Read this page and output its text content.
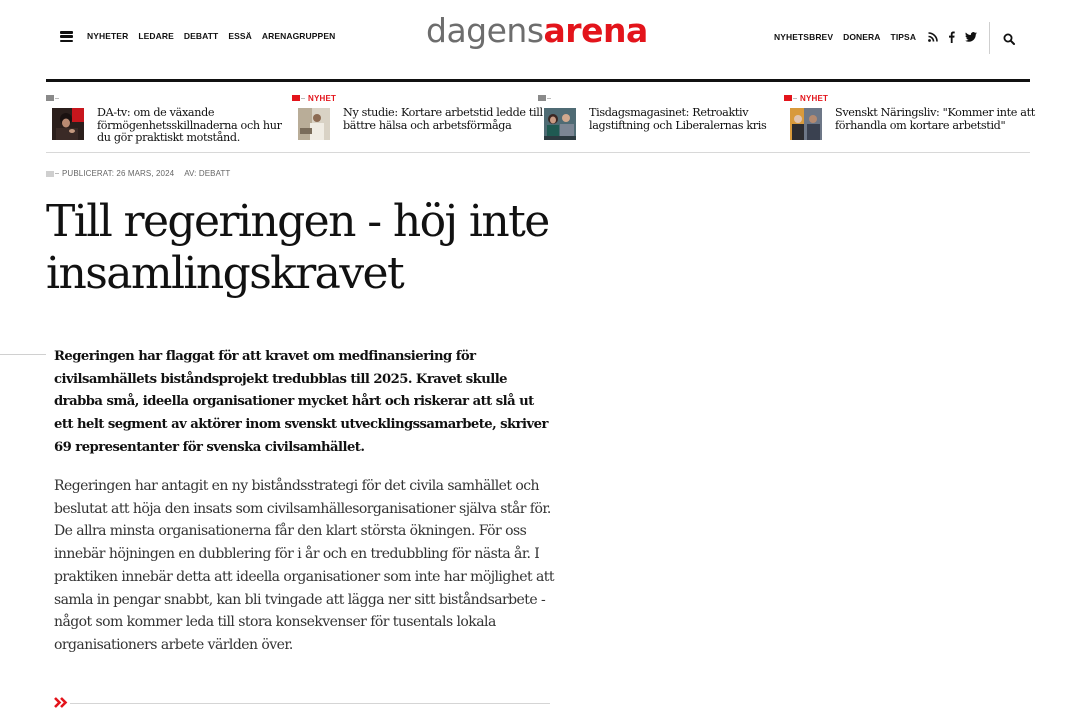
NYHETER LEDARE DEBATT ESSÄ ARENAGRUPPEN	dagensarena	NYHETSBREV DONERA TIPSA
DA-tv: om de växande förmögenhetsskillnaderna och hur du gör praktiskt motstånd.
NYHET
Ny studie: Kortare arbetstid ledde till bättre hälsa och arbetsförmåga
Tisdagsmagasinet: Retroaktiv lagstiftning och Liberalernas kris
NYHET
Svenskt Näringsliv: "Kommer inte att förhandla om kortare arbetstid"
PUBLICERAT: 26 MARS, 2024 AV: DEBATT
Till regeringen - höj inte insamlingskravet

Regeringen har flaggat för att kravet om medfinansiering för civilsamhällets biståndsprojekt tredubblas till 2025. Kravet skulle drabba små, ideella organisationer mycket hårt och riskerar att slå ut ett helt segment av aktörer inom svenskt utvecklingssamarbete, skriver 69 representanter för svenska civilsamhället.

Regeringen har antagit en ny biståndsstrategi för det civila samhället och beslutat att höja den insats som civilsamhällesorganisationer själva står för. De allra minsta organisationerna får den klart största ökningen. För oss innebär höjningen en dubblering för i år och en tredubbling för nästa år. I praktiken innebär detta att ideella organisationer som inte har möjlighet att samla in pengar snabbt, kan bli tvingade att lägga ner sitt biståndsarbete - något som kommer leda till stora konsekvenser för tusentals lokala organisationers arbete världen över.
